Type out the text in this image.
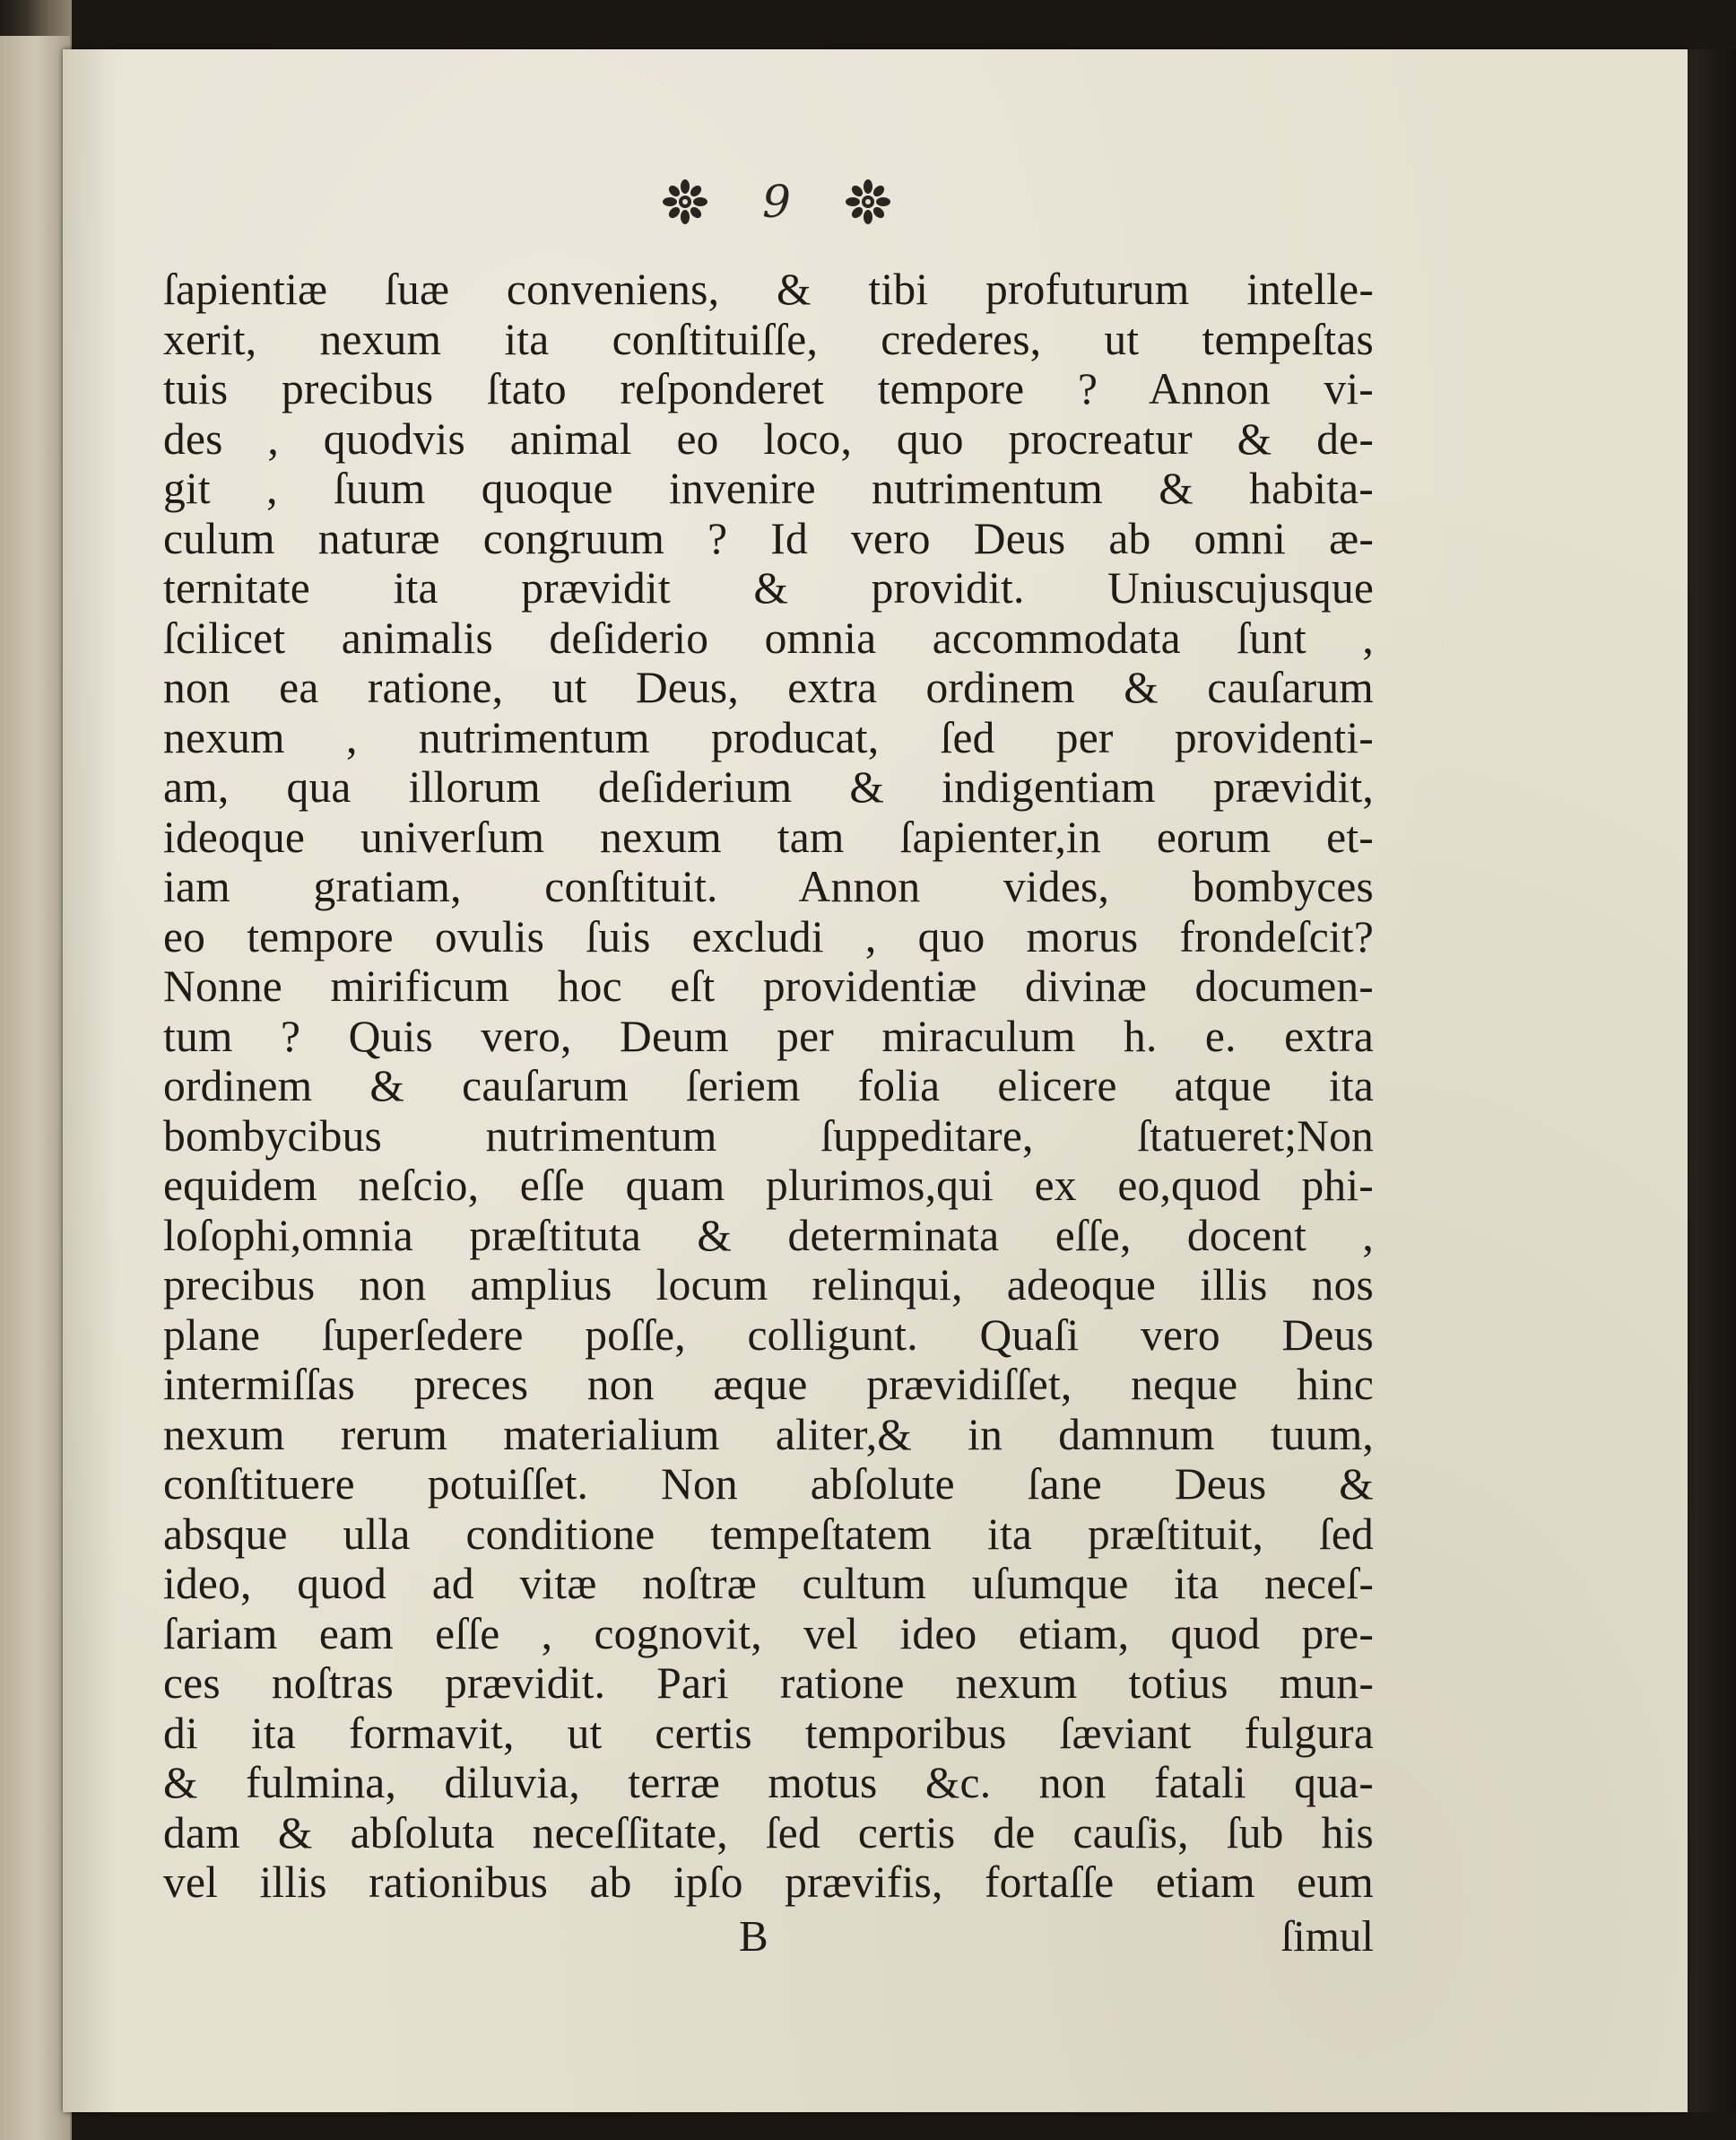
9
ſapientiæ ſuæ conveniens, & tibi profuturum intelle-
xerit, nexum ita conſtituiſſe, crederes, ut tempeſtas
tuis precibus ſtato reſponderet tempore ? Annon vi-
des , quodvis animal eo loco, quo procreatur & de-
git , ſuum quoque invenire nutrimentum & habita-
culum naturæ congruum ? Id vero Deus ab omni æ-
ternitate ita prævidit & providit. Uniuscujusque
ſcilicet animalis deſiderio omnia accommodata ſunt ,
non ea ratione, ut Deus, extra ordinem & cauſarum
nexum , nutrimentum producat, ſed per providenti-
am, qua illorum deſiderium & indigentiam prævidit,
ideoque univerſum nexum tam ſapienter,in eorum et-
iam gratiam, conſtituit. Annon vides, bombyces
eo tempore ovulis ſuis excludi , quo morus frondeſcit?
Nonne mirificum hoc eſt providentiæ divinæ documen-
tum ? Quis vero, Deum per miraculum h. e. extra
ordinem & cauſarum ſeriem folia elicere atque ita
bombycibus nutrimentum ſuppeditare, ſtatueret;Non
equidem neſcio, eſſe quam plurimos,qui ex eo,quod phi-
loſophi,omnia præſtituta & determinata eſſe, docent ,
precibus non amplius locum relinqui, adeoque illis nos
plane ſuperſedere poſſe, colligunt. Quaſi vero Deus
intermiſſas preces non æque prævidiſſet, neque hinc
nexum rerum materialium aliter,& in damnum tuum,
conſtituere potuiſſet. Non abſolute ſane Deus &
absque ulla conditione tempeſtatem ita præſtituit, ſed
ideo, quod ad vitæ noſtræ cultum uſumque ita neceſ-
ſariam eam eſſe , cognovit, vel ideo etiam, quod pre-
ces noſtras prævidit. Pari ratione nexum totius mun-
di ita formavit, ut certis temporibus ſæviant fulgura
& fulmina, diluvia, terræ motus &c. non fatali qua-
dam & abſoluta neceſſitate, ſed certis de cauſis, ſub his
vel illis rationibus ab ipſo prævifis, fortaſſe etiam eum
B	ſimul
